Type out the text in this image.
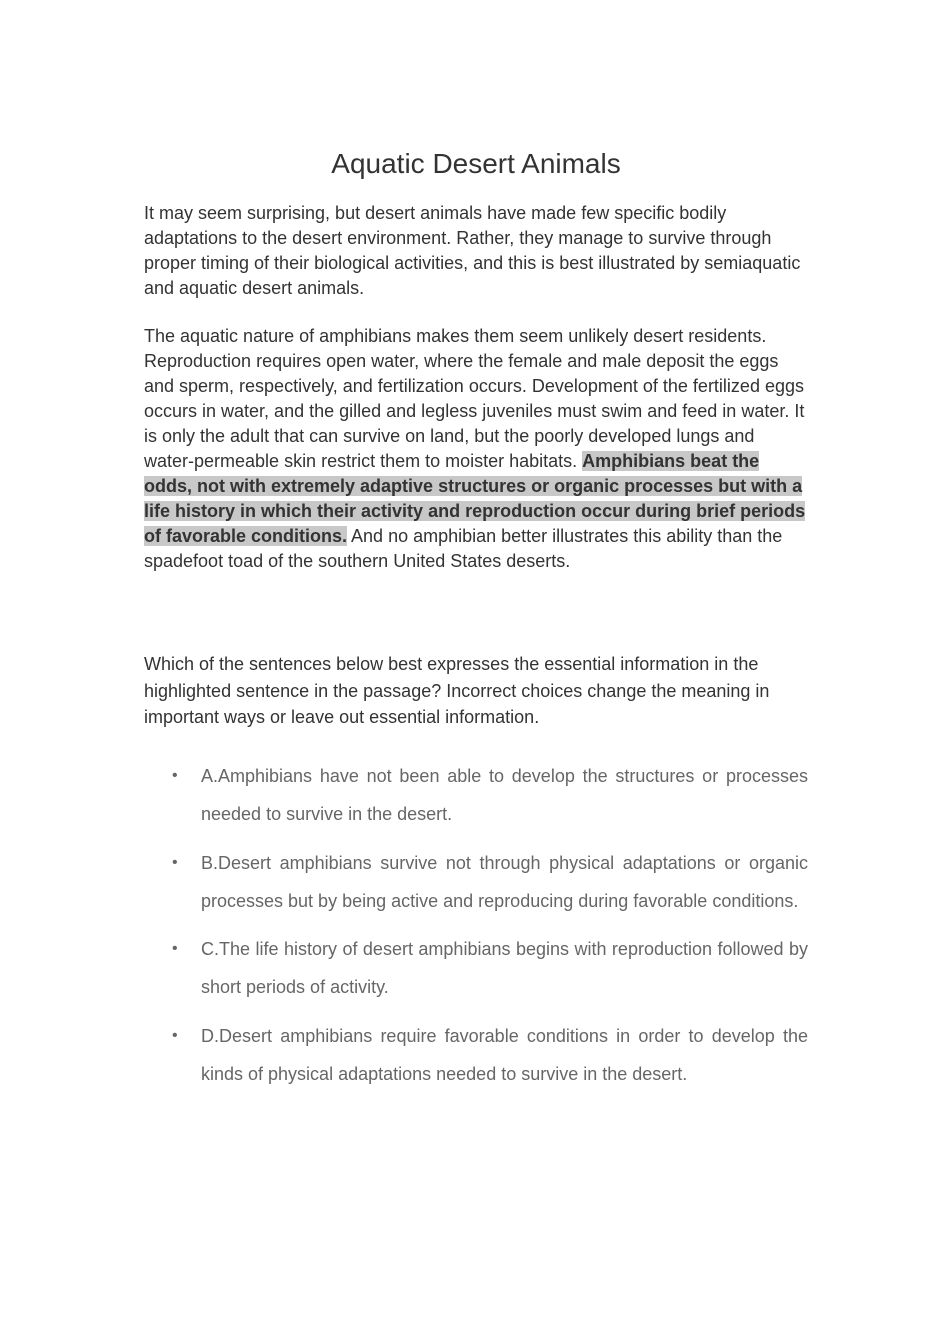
Aquatic Desert Animals

It may seem surprising, but desert animals have made few specific bodily adaptations to the desert environment. Rather, they manage to survive through proper timing of their biological activities, and this is best illustrated by semiaquatic and aquatic desert animals.

The aquatic nature of amphibians makes them seem unlikely desert residents. Reproduction requires open water, where the female and male deposit the eggs and sperm, respectively, and fertilization occurs. Development of the fertilized eggs occurs in water, and the gilled and legless juveniles must swim and feed in water. It is only the adult that can survive on land, but the poorly developed lungs and water-permeable skin restrict them to moister habitats. Amphibians beat the odds, not with extremely adaptive structures or organic processes but with a life history in which their activity and reproduction occur during brief periods of favorable conditions. And no amphibian better illustrates this ability than the spadefoot toad of the southern United States deserts.

Which of the sentences below best expresses the essential information in the highlighted sentence in the passage? Incorrect choices change the meaning in important ways or leave out essential information.

• A.Amphibians have not been able to develop the structures or processes needed to survive in the desert.
• B.Desert amphibians survive not through physical adaptations or organic processes but by being active and reproducing during favorable conditions.
• C.The life history of desert amphibians begins with reproduction followed by short periods of activity.
• D.Desert amphibians require favorable conditions in order to develop the kinds of physical adaptations needed to survive in the desert.
